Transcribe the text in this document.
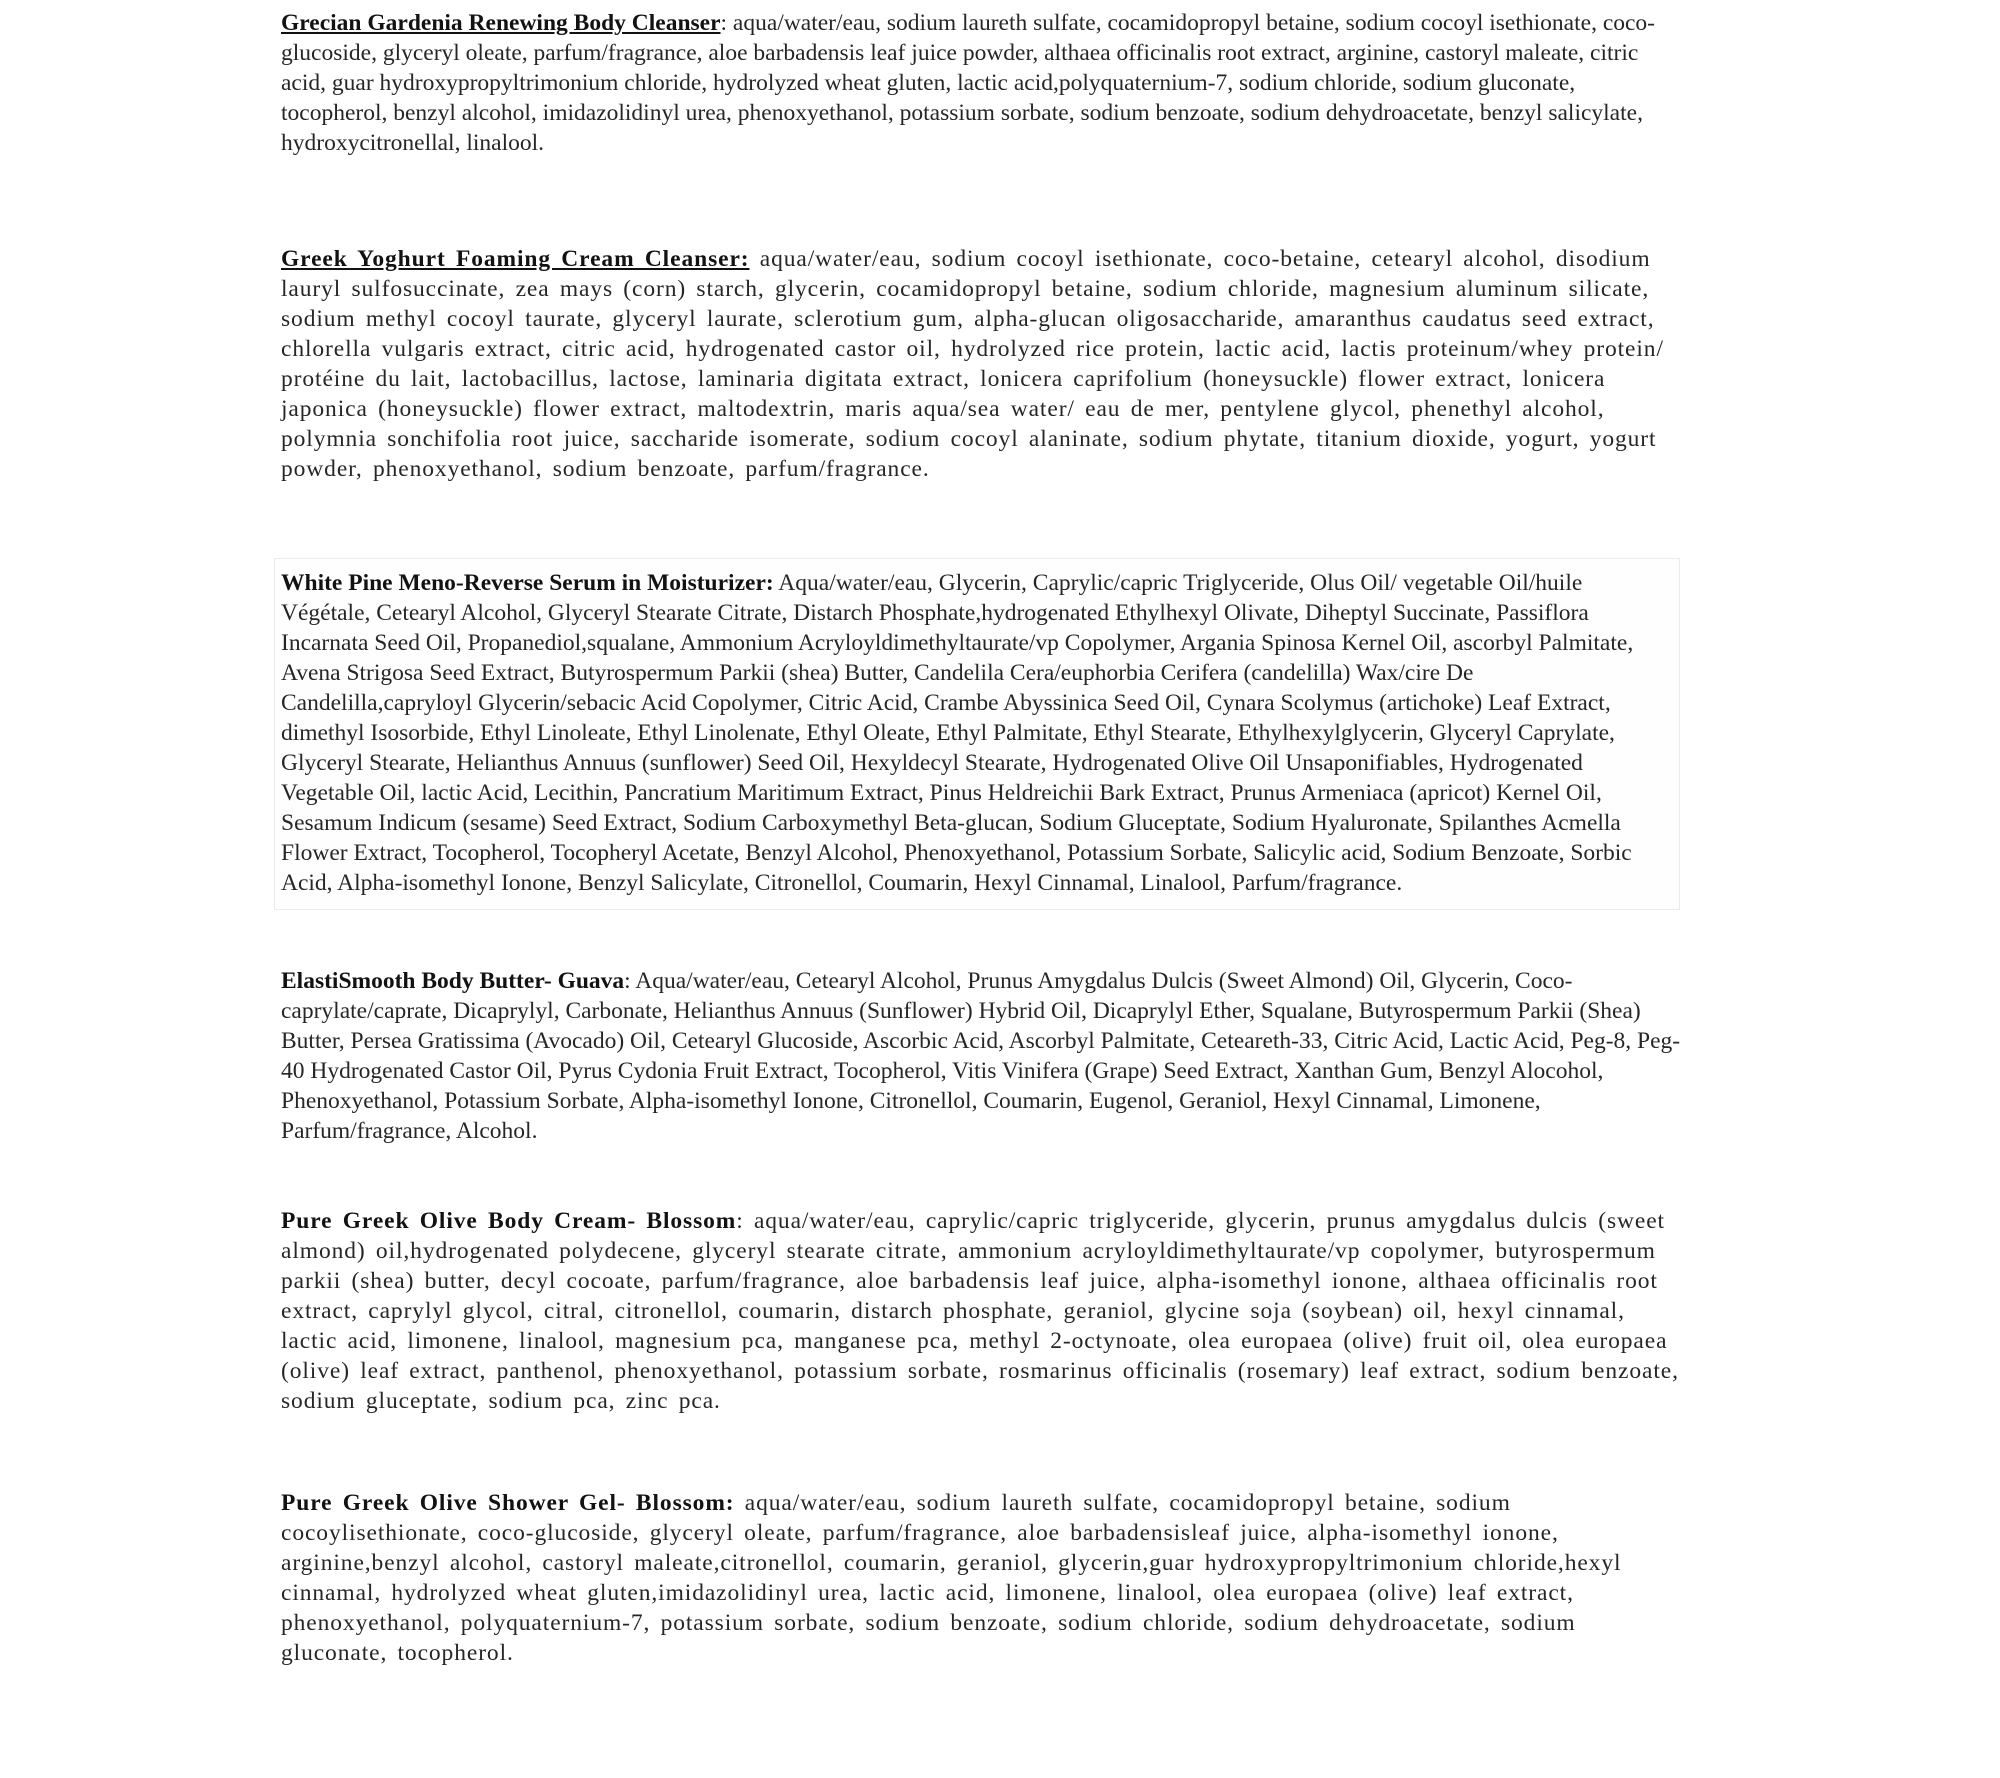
Grecian Gardenia Renewing Body Cleanser: aqua/water/eau, sodium laureth sulfate, cocamidopropyl betaine, sodium cocoyl isethionate, coco-glucoside, glyceryl oleate, parfum/fragrance, aloe barbadensis leaf juice powder, althaea officinalis root extract, arginine, castoryl maleate, citric acid, guar hydroxypropyltrimonium chloride, hydrolyzed wheat gluten, lactic acid,polyquaternium-7, sodium chloride, sodium gluconate, tocopherol, benzyl alcohol, imidazolidinyl urea, phenoxyethanol, potassium sorbate, sodium benzoate, sodium dehydroacetate, benzyl salicylate, hydroxycitronellal, linalool.

Greek Yoghurt Foaming Cream Cleanser: aqua/water/eau, sodium cocoyl isethionate, coco-betaine, cetearyl alcohol, disodium lauryl sulfosuccinate, zea mays (corn) starch, glycerin, cocamidopropyl betaine, sodium chloride, magnesium aluminum silicate, sodium methyl cocoyl taurate, glyceryl laurate, sclerotium gum, alpha-glucan oligosaccharide, amaranthus caudatus seed extract, chlorella vulgaris extract, citric acid, hydrogenated castor oil, hydrolyzed rice protein, lactic acid, lactis proteinum/whey protein/ protéine du lait, lactobacillus, lactose, laminaria digitata extract, lonicera caprifolium (honeysuckle) flower extract, lonicera japonica (honeysuckle) flower extract, maltodextrin, maris aqua/sea water/ eau de mer, pentylene glycol, phenethyl alcohol, polymnia sonchifolia root juice, saccharide isomerate, sodium cocoyl alaninate, sodium phytate, titanium dioxide, yogurt, yogurt powder, phenoxyethanol, sodium benzoate, parfum/fragrance.

White Pine Meno-Reverse Serum in Moisturizer: Aqua/water/eau, Glycerin, Caprylic/capric Triglyceride, Olus Oil/ vegetable Oil/huile Végétale, Cetearyl Alcohol, Glyceryl Stearate Citrate, Distarch Phosphate,hydrogenated Ethylhexyl Olivate, Diheptyl Succinate, Passiflora Incarnata Seed Oil, Propanediol,squalane, Ammonium Acryloyldimethyltaurate/vp Copolymer, Argania Spinosa Kernel Oil, ascorbyl Palmitate, Avena Strigosa Seed Extract, Butyrospermum Parkii (shea) Butter, Candelila Cera/euphorbia Cerifera (candelilla) Wax/cire De Candelilla,capryloyl Glycerin/sebacic Acid Copolymer, Citric Acid, Crambe Abyssinica Seed Oil, Cynara Scolymus (artichoke) Leaf Extract, dimethyl Isosorbide, Ethyl Linoleate, Ethyl Linolenate, Ethyl Oleate, Ethyl Palmitate, Ethyl Stearate, Ethylhexylglycerin, Glyceryl Caprylate, Glyceryl Stearate, Helianthus Annuus (sunflower) Seed Oil, Hexyldecyl Stearate, Hydrogenated Olive Oil Unsaponifiables, Hydrogenated Vegetable Oil, lactic Acid, Lecithin, Pancratium Maritimum Extract, Pinus Heldreichii Bark Extract, Prunus Armeniaca (apricot) Kernel Oil, Sesamum Indicum (sesame) Seed Extract, Sodium Carboxymethyl Beta-glucan, Sodium Gluceptate, Sodium Hyaluronate, Spilanthes Acmella Flower Extract, Tocopherol, Tocopheryl Acetate, Benzyl Alcohol, Phenoxyethanol, Potassium Sorbate, Salicylic acid, Sodium Benzoate, Sorbic Acid, Alpha-isomethyl Ionone, Benzyl Salicylate, Citronellol, Coumarin, Hexyl Cinnamal, Linalool, Parfum/fragrance.

ElastiSmooth Body Butter- Guava: Aqua/water/eau, Cetearyl Alcohol, Prunus Amygdalus Dulcis (Sweet Almond) Oil, Glycerin, Coco-caprylate/caprate, Dicaprylyl, Carbonate, Helianthus Annuus (Sunflower) Hybrid Oil, Dicaprylyl Ether, Squalane, Butyrospermum Parkii (Shea) Butter, Persea Gratissima (Avocado) Oil, Cetearyl Glucoside, Ascorbic Acid, Ascorbyl Palmitate, Ceteareth-33, Citric Acid, Lactic Acid, Peg-8, Peg-40 Hydrogenated Castor Oil, Pyrus Cydonia Fruit Extract, Tocopherol, Vitis Vinifera (Grape) Seed Extract, Xanthan Gum, Benzyl Alocohol, Phenoxyethanol, Potassium Sorbate, Alpha-isomethyl Ionone, Citronellol, Coumarin, Eugenol, Geraniol, Hexyl Cinnamal, Limonene, Parfum/fragrance, Alcohol.

Pure Greek Olive Body Cream- Blossom: aqua/water/eau, caprylic/capric triglyceride, glycerin, prunus amygdalus dulcis (sweet almond) oil,hydrogenated polydecene, glyceryl stearate citrate, ammonium acryloyldimethyltaurate/vp copolymer, butyrospermum parkii (shea) butter, decyl cocoate, parfum/fragrance, aloe barbadensis leaf juice, alpha-isomethyl ionone, althaea officinalis root extract, caprylyl glycol, citral, citronellol, coumarin, distarch phosphate, geraniol, glycine soja (soybean) oil, hexyl cinnamal, lactic acid, limonene, linalool, magnesium pca, manganese pca, methyl 2-octynoate, olea europaea (olive) fruit oil, olea europaea (olive) leaf extract, panthenol, phenoxyethanol, potassium sorbate, rosmarinus officinalis (rosemary) leaf extract, sodium benzoate, sodium gluceptate, sodium pca, zinc pca.

Pure Greek Olive Shower Gel- Blossom: aqua/water/eau, sodium laureth sulfate, cocamidopropyl betaine, sodium cocoylisethionate, coco-glucoside, glyceryl oleate, parfum/fragrance, aloe barbadensisleaf juice, alpha-isomethyl ionone, arginine,benzyl alcohol, castoryl maleate,citronellol, coumarin, geraniol, glycerin,guar hydroxypropyltrimonium chloride,hexyl cinnamal, hydrolyzed wheat gluten,imidazolidinyl urea, lactic acid, limonene, linalool, olea europaea (olive) leaf extract, phenoxyethanol, polyquaternium-7, potassium sorbate, sodium benzoate, sodium chloride, sodium dehydroacetate, sodium gluconate, tocopherol.
